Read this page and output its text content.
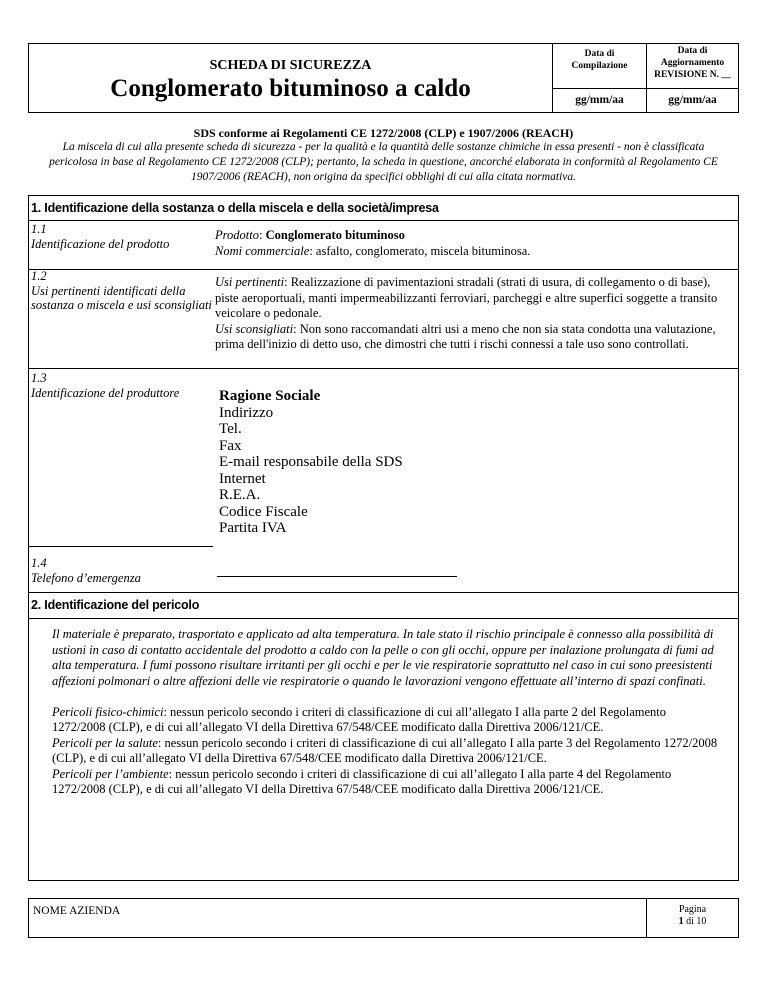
SCHEDA DI SICUREZZA
Conglomerato bituminoso a caldo
Data di
Compilazione
Data di
Aggiornamento
REVISIONE N. __
gg/mm/aa	gg/mm/aa
SDS conforme ai Regolamenti CE 1272/2008 (CLP) e 1907/2006 (REACH)
La miscela di cui alla presente scheda di sicurezza - per la qualità e la quantità delle sostanze chimiche in essa presenti - non è classificata pericolosa in base al Regolamento CE 1272/2008 (CLP); pertanto, la scheda in questione, ancorché elaborata in conformità al Regolamento CE 1907/2006 (REACH), non origina da specifici obblighi di cui alla citata normativa.
1. Identificazione della sostanza o della miscela e della società/impresa
1.1
Identificazione del prodotto
Prodotto: Conglomerato bituminoso
Nomi commerciale: asfalto, conglomerato, miscela bituminosa.
1.2
Usi pertinenti identificati della sostanza o miscela e usi sconsigliati
Usi pertinenti: Realizzazione di pavimentazioni stradali (strati di usura, di collegamento o di base), piste aeroportuali, manti impermeabilizzanti ferroviari, parcheggi e altre superfici soggette a transito veicolare o pedonale.
Usi sconsigliati: Non sono raccomandati altri usi a meno che non sia stata condotta una valutazione, prima dell'inizio di detto uso, che dimostri che tutti i rischi connessi a tale uso sono controllati.
1.3
Identificazione del produttore	Ragione Sociale
Indirizzo
Tel.
Fax
E-mail responsabile della SDS
Internet
R.E.A.
Codice Fiscale
Partita IVA
1.4
Telefono d’emergenza
2. Identificazione del pericolo

Il materiale è preparato, trasportato e applicato ad alta temperatura. In tale stato il rischio principale è connesso alla possibilità di ustioni in caso di contatto accidentale del prodotto a caldo con la pelle o con gli occhi, oppure per inalazione prolungata di fumi ad alta temperatura. I fumi possono risultare irritanti per gli occhi e per le vie respiratorie soprattutto nel caso in cui sono preesistenti affezioni polmonari o altre affezioni delle vie respiratorie o quando le lavorazioni vengono effettuate all’interno di spazi confinati.

Pericoli fisico-chimici: nessun pericolo secondo i criteri di classificazione di cui all’allegato I alla parte 2 del Regolamento 1272/2008 (CLP), e di cui all’allegato VI della Direttiva 67/548/CEE modificato dalla Direttiva 2006/121/CE.

Pericoli per la salute: nessun pericolo secondo i criteri di classificazione di cui all’allegato I alla parte 3 del Regolamento 1272/2008 (CLP), e di cui all’allegato VI della Direttiva 67/548/CEE modificato dalla Direttiva 2006/121/CE.

Pericoli per l’ambiente: nessun pericolo secondo i criteri di classificazione di cui all’allegato I alla parte 4 del Regolamento 1272/2008 (CLP), e di cui all’allegato VI della Direttiva 67/548/CEE modificato dalla Direttiva 2006/121/CE.

NOME AZIENDA	Pagina
1 di 10
